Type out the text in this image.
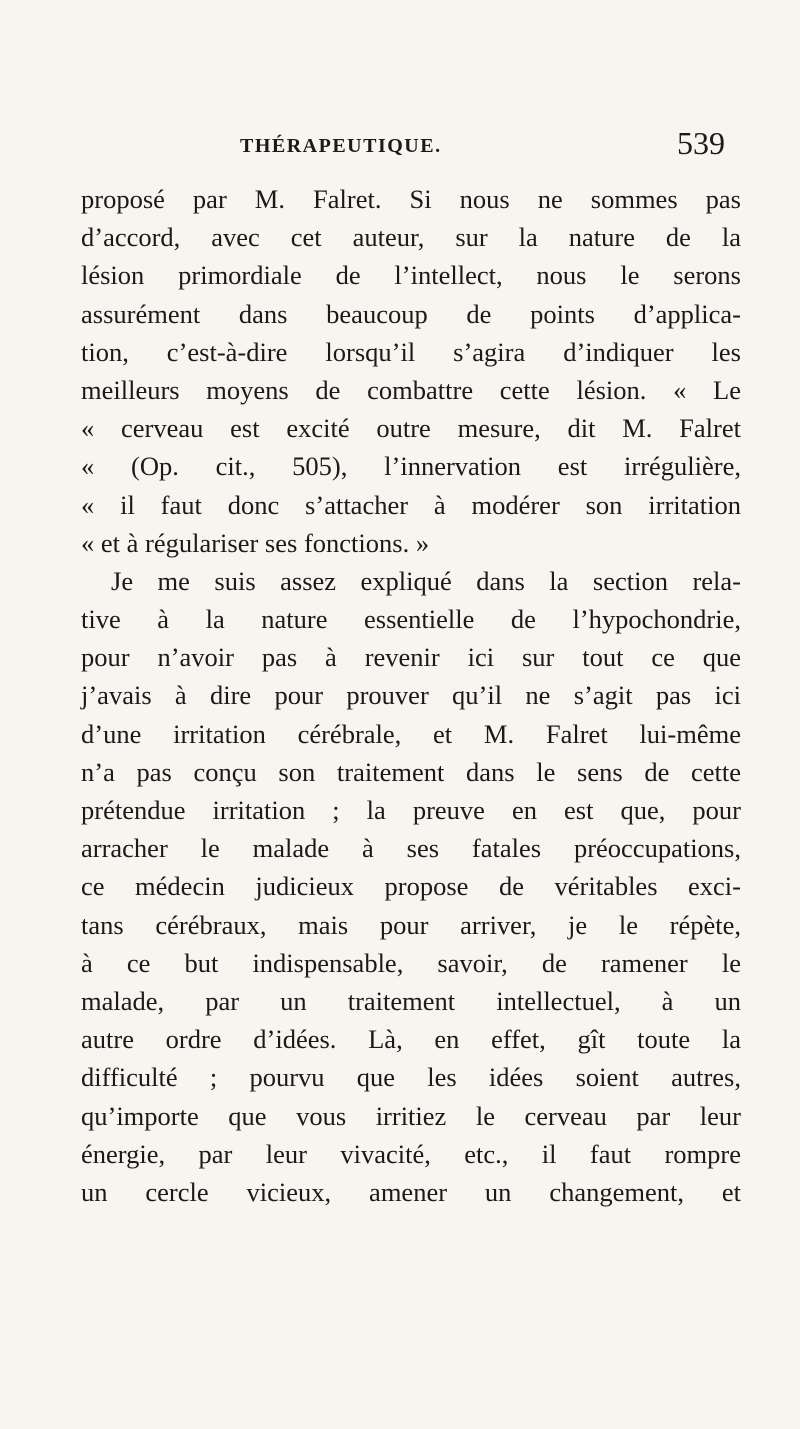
THÉRAPEUTIQUE.	539
proposé par M. Falret. Si nous ne sommes pas
d’accord, avec cet auteur, sur la nature de la
lésion primordiale de l’intellect, nous le serons
assurément dans beaucoup de points d’applica-
tion, c’est-à-dire lorsqu’il s’agira d’indiquer les
meilleurs moyens de combattre cette lésion. « Le
« cerveau est excité outre mesure, dit M. Falret
« (Op. cit., 505), l’innervation est irrégulière,
« il faut donc s’attacher à modérer son irritation
« et à régulariser ses fonctions. »
Je me suis assez expliqué dans la section rela-
tive à la nature essentielle de l’hypochondrie,
pour n’avoir pas à revenir ici sur tout ce que
j’avais à dire pour prouver qu’il ne s’agit pas ici
d’une irritation cérébrale, et M. Falret lui-même
n’a pas conçu son traitement dans le sens de cette
prétendue irritation ; la preuve en est que, pour
arracher le malade à ses fatales préoccupations,
ce médecin judicieux propose de véritables exci-
tans cérébraux, mais pour arriver, je le répète,
à ce but indispensable, savoir, de ramener le
malade, par un traitement intellectuel, à un
autre ordre d’idées. Là, en effet, gît toute la
difficulté ; pourvu que les idées soient autres,
qu’importe que vous irritiez le cerveau par leur
énergie, par leur vivacité, etc., il faut rompre
un cercle vicieux, amener un changement, et
